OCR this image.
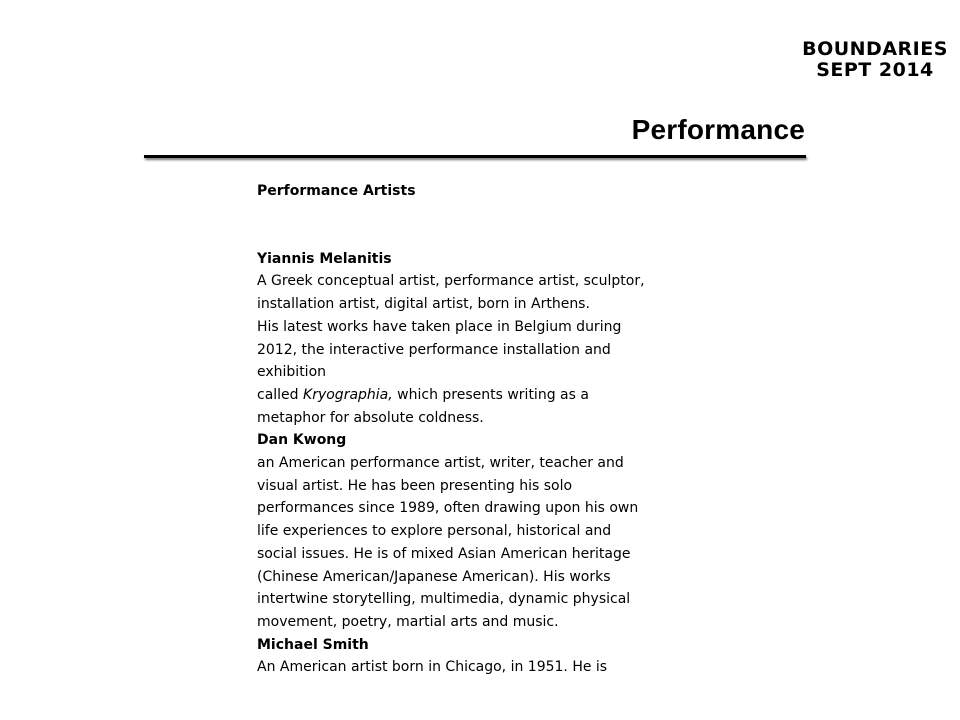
BOUNDARIES
SEPT 2014
Performance

Performance Artists

Yiannis Melanitis

A Greek conceptual artist, performance artist, sculptor, installation artist, digital artist, born in Arthens.

His latest works have taken place in Belgium during 2012, the interactive performance installation and exhibition

called Kryographia, which presents writing as a metaphor for absolute coldness.

Dan Kwong

an American performance artist, writer, teacher and visual artist. He has been presenting his solo performances since 1989, often drawing upon his own life experiences to explore personal, historical and social issues. He is of mixed Asian American heritage (Chinese American/Japanese American). His works intertwine storytelling, multimedia, dynamic physical movement, poetry, martial arts and music.

Michael Smith

An American artist born in Chicago, in 1951. He is
